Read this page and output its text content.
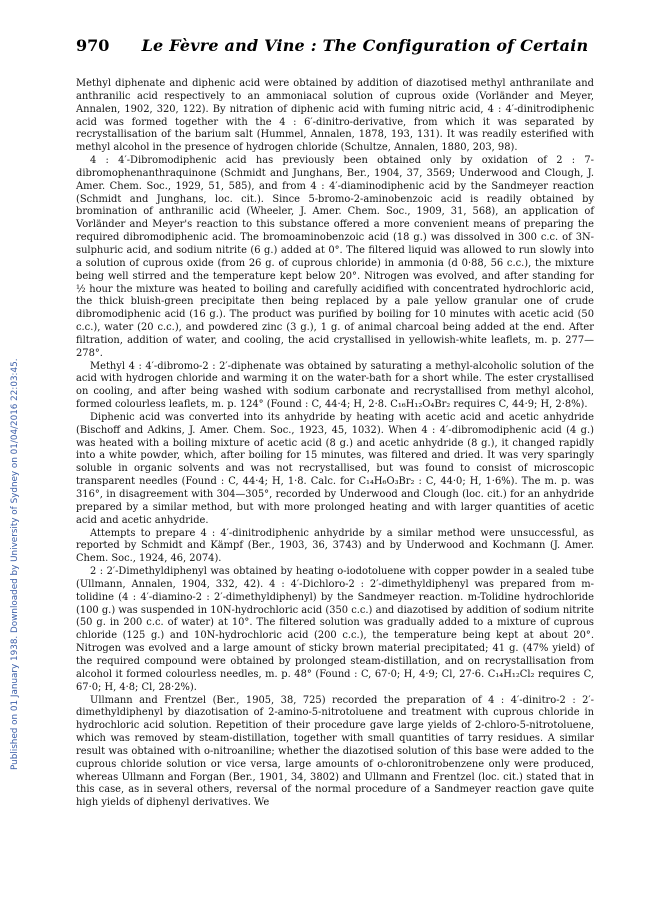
970	Le Fèvre and Vine : The Configuration of Certain
Published on 01 January 1938. Downloaded by University of Sydney on 01/04/2016 22:03:45.

Methyl diphenate and diphenic acid were obtained by addition of diazotised methyl anthranilate and anthranilic acid respectively to an ammoniacal solution of cuprous oxide (Vorländer and Meyer, Annalen, 1902, 320, 122). By nitration of diphenic acid with fuming nitric acid, 4 : 4′-dinitrodiphenic acid was formed together with the 4 : 6′-dinitro-derivative, from which it was separated by recrystallisation of the barium salt (Hummel, Annalen, 1878, 193, 131). It was readily esterified with methyl alcohol in the presence of hydrogen chloride (Schultze, Annalen, 1880, 203, 98).

4 : 4′-Dibromodiphenic acid has previously been obtained only by oxidation of 2 : 7-dibromophenanthraquinone (Schmidt and Junghans, Ber., 1904, 37, 3569; Underwood and Clough, J. Amer. Chem. Soc., 1929, 51, 585), and from 4 : 4′-diaminodiphenic acid by the Sandmeyer reaction (Schmidt and Junghans, loc. cit.). Since 5-bromo-2-aminobenzoic acid is readily obtained by bromination of anthranilic acid (Wheeler, J. Amer. Chem. Soc., 1909, 31, 568), an application of Vorländer and Meyer's reaction to this substance offered a more convenient means of preparing the required dibromodiphenic acid. The bromoaminobenzoic acid (18 g.) was dissolved in 300 c.c. of 3N-sulphuric acid, and sodium nitrite (6 g.) added at 0°. The filtered liquid was allowed to run slowly into a solution of cuprous oxide (from 26 g. of cuprous chloride) in ammonia (d 0·88, 56 c.c.), the mixture being well stirred and the temperature kept below 20°. Nitrogen was evolved, and after standing for ½ hour the mixture was heated to boiling and carefully acidified with concentrated hydrochloric acid, the thick bluish-green precipitate then being replaced by a pale yellow granular one of crude dibromodiphenic acid (16 g.). The product was purified by boiling for 10 minutes with acetic acid (50 c.c.), water (20 c.c.), and powdered zinc (3 g.), 1 g. of animal charcoal being added at the end. After filtration, addition of water, and cooling, the acid crystallised in yellowish-white leaflets, m. p. 277—278°.

Methyl 4 : 4′-dibromo-2 : 2′-diphenate was obtained by saturating a methyl-alcoholic solution of the acid with hydrogen chloride and warming it on the water-bath for a short while. The ester crystallised on cooling, and after being washed with sodium carbonate and recrystallised from methyl alcohol, formed colourless leaflets, m. p. 124° (Found : C, 44·4; H, 2·8. C₁₆H₁₂O₄Br₂ requires C, 44·9; H, 2·8%).

Diphenic acid was converted into its anhydride by heating with acetic acid and acetic anhydride (Bischoff and Adkins, J. Amer. Chem. Soc., 1923, 45, 1032). When 4 : 4′-dibromodiphenic acid (4 g.) was heated with a boiling mixture of acetic acid (8 g.) and acetic anhydride (8 g.), it changed rapidly into a white powder, which, after boiling for 15 minutes, was filtered and dried. It was very sparingly soluble in organic solvents and was not recrystallised, but was found to consist of microscopic transparent needles (Found : C, 44·4; H, 1·8. Calc. for C₁₄H₆O₃Br₂ : C, 44·0; H, 1·6%). The m. p. was 316°, in disagreement with 304—305°, recorded by Underwood and Clough (loc. cit.) for an anhydride prepared by a similar method, but with more prolonged heating and with larger quantities of acetic acid and acetic anhydride.

Attempts to prepare 4 : 4′-dinitrodiphenic anhydride by a similar method were unsuccessful, as reported by Schmidt and Kämpf (Ber., 1903, 36, 3743) and by Underwood and Kochmann (J. Amer. Chem. Soc., 1924, 46, 2074).

2 : 2′-Dimethyldiphenyl was obtained by heating o-iodotoluene with copper powder in a sealed tube (Ullmann, Annalen, 1904, 332, 42). 4 : 4′-Dichloro-2 : 2′-dimethyldiphenyl was prepared from m-tolidine (4 : 4′-diamino-2 : 2′-dimethyldiphenyl) by the Sandmeyer reaction. m-Tolidine hydrochloride (100 g.) was suspended in 10N-hydrochloric acid (350 c.c.) and diazotised by addition of sodium nitrite (50 g. in 200 c.c. of water) at 10°. The filtered solution was gradually added to a mixture of cuprous chloride (125 g.) and 10N-hydrochloric acid (200 c.c.), the temperature being kept at about 20°. Nitrogen was evolved and a large amount of sticky brown material precipitated; 41 g. (47% yield) of the required compound were obtained by prolonged steam-distillation, and on recrystallisation from alcohol it formed colourless needles, m. p. 48° (Found : C, 67·0; H, 4·9; Cl, 27·6. C₁₄H₁₂Cl₂ requires C, 67·0; H, 4·8; Cl, 28·2%).

Ullmann and Frentzel (Ber., 1905, 38, 725) recorded the preparation of 4 : 4′-dinitro-2 : 2′-dimethyldiphenyl by diazotisation of 2-amino-5-nitrotoluene and treatment with cuprous chloride in hydrochloric acid solution. Repetition of their procedure gave large yields of 2-chloro-5-nitrotoluene, which was removed by steam-distillation, together with small quantities of tarry residues. A similar result was obtained with o-nitroaniline; whether the diazotised solution of this base were added to the cuprous chloride solution or vice versa, large amounts of o-chloronitrobenzene only were produced, whereas Ullmann and Forgan (Ber., 1901, 34, 3802) and Ullmann and Frentzel (loc. cit.) stated that in this case, as in several others, reversal of the normal procedure of a Sandmeyer reaction gave quite high yields of diphenyl derivatives. We
